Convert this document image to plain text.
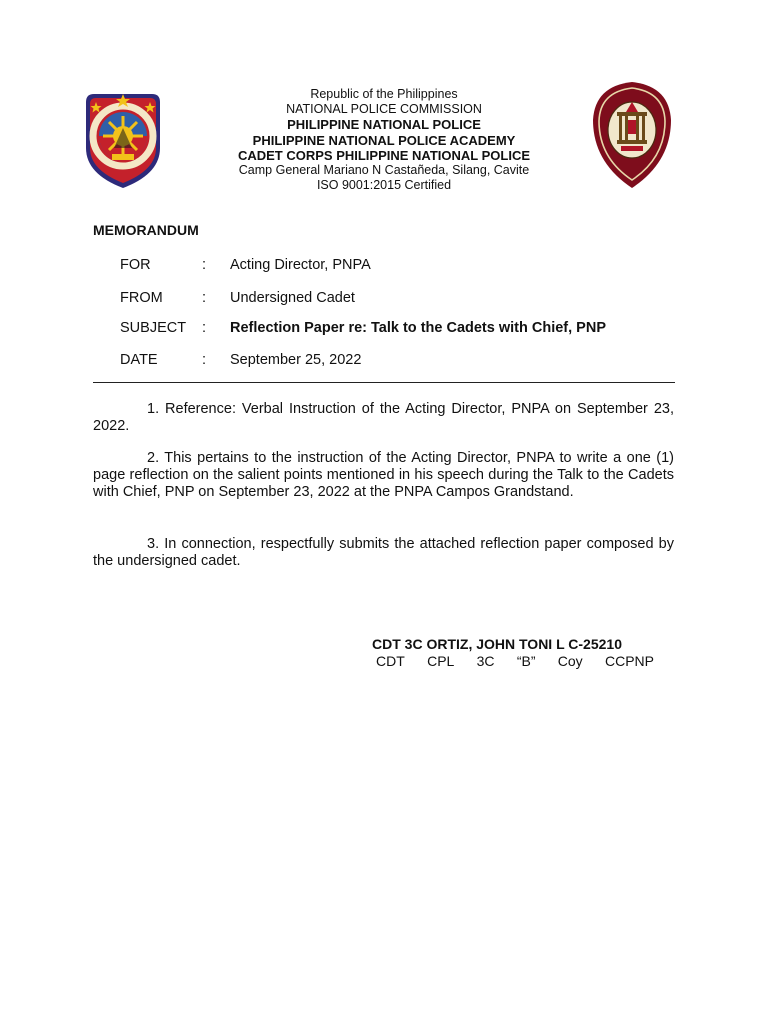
Republic of the Philippines
NATIONAL POLICE COMMISSION
PHILIPPINE NATIONAL POLICE
PHILIPPINE NATIONAL POLICE ACADEMY
CADET CORPS PHILIPPINE NATIONAL POLICE
Camp General Mariano N Castañeda, Silang, Cavite
ISO 9001:2015 Certified
MEMORANDUM
FOR	: Acting Director, PNPA
FROM	: Undersigned Cadet
SUBJECT : Reflection Paper re: Talk to the Cadets with Chief, PNP
DATE	: September 25, 2022
1. Reference: Verbal Instruction of the Acting Director, PNPA on September 23, 2022.
2. This pertains to the instruction of the Acting Director, PNPA to write a one (1) page reflection on the salient points mentioned in his speech during the Talk to the Cadets with Chief, PNP on September 23, 2022 at the PNPA Campos Grandstand.
3. In connection, respectfully submits the attached reflection paper composed by the undersigned cadet.
CDT 3C ORTIZ, JOHN TONI L C-25210
CDT CPL 3C “B” Coy CCPNP
